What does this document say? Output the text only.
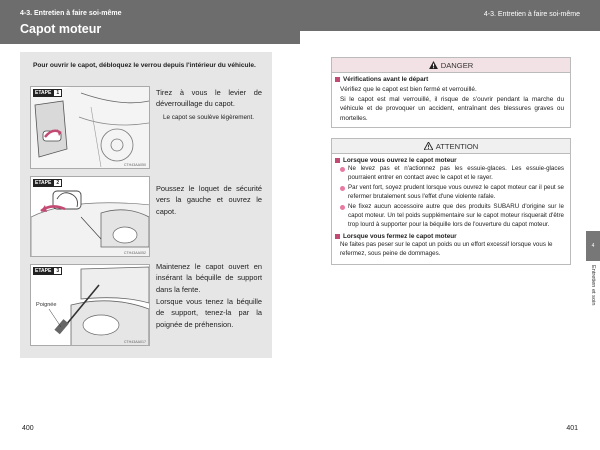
4-3. Entretien à faire soi-même
Capot moteur
4-3. Entretien à faire soi-même
Pour ouvrir le capot, débloquez le verrou depuis l'intérieur du véhicule.
ETAPE	1
CTH43AA050
Tirez à vous le levier de déverrouillage du capot.
Le capot se soulève légèrement.
ETAPE	2
CTH43AA052
Poussez le loquet de sécurité vers la gauche et ouvrez le capot.
ETAPE	3
Poignée
CTH43AA017
Maintenez le capot ouvert en insérant la béquille de support dans la fente.
Lorsque vous tenez la béquille de support, tenez-la par la poignée de préhension.
DANGER
Vérifications avant le départ
Vérifiez que le capot est bien fermé et verrouillé.
Si le capot est mal verrouillé, il risque de s'ouvrir pendant la marche du véhicule et de provoquer un accident, entraînant des blessures graves ou mortelles.
ATTENTION
Lorsque vous ouvrez le capot moteur
Ne levez pas et n'actionnez pas les essuie-glaces. Les essuie-glaces pourraient entrer en contact avec le capot et le rayer.
Par vent fort, soyez prudent lorsque vous ouvrez le capot moteur car il peut se refermer brutalement sous l'effet d'une violente rafale.
Ne fixez aucun accessoire autre que des produits SUBARU d'origine sur le capot moteur. Un tel poids supplémentaire sur le capot moteur risquerait d'être trop lourd à supporter pour la béquille lors de l'ouverture du capot moteur.
Lorsque vous fermez le capot moteur
Ne faites pas peser sur le capot un poids ou un effort excessif lorsque vous le refermez, sous peine de dommages.
4
Entretien et soin
400	401
